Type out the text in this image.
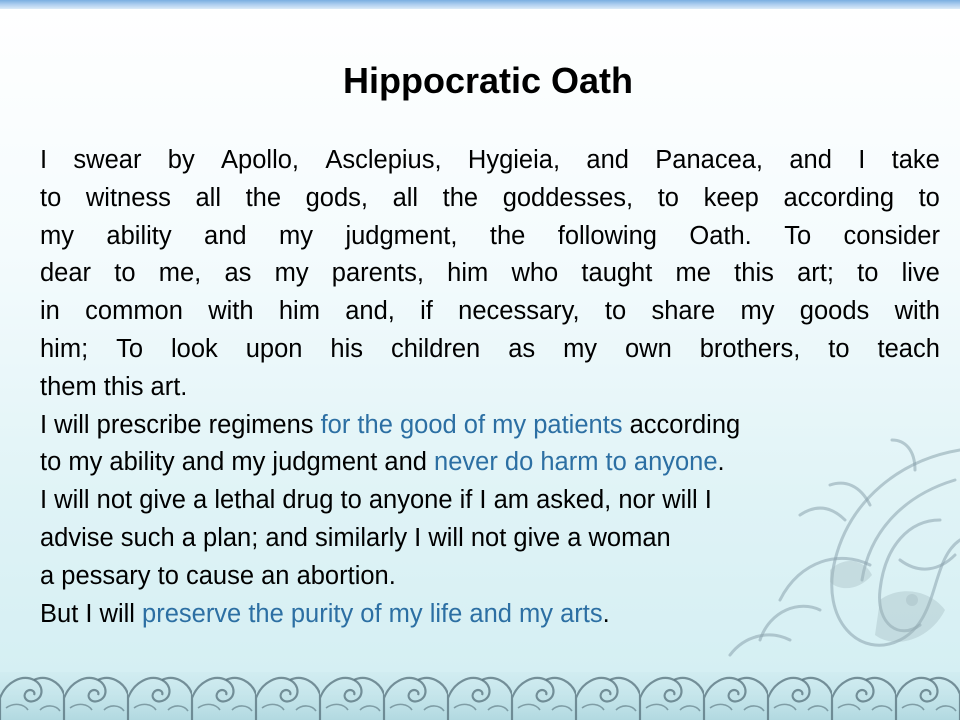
Hippocratic Oath
I swear by Apollo, Asclepius, Hygieia, and Panacea, and I take
to witness all the gods, all the goddesses, to keep according to
my ability and my judgment, the following Oath. To consider
dear to me, as my parents, him who taught me this art; to live
in common with him and, if necessary, to share my goods with
him; To look upon his children as my own brothers, to teach
them this art.
I will prescribe regimens for the good of my patients according
to my ability and my judgment and never do harm to anyone.
I will not give a lethal drug to anyone if I am asked, nor will I
advise such a plan; and similarly I will not give a woman
a pessary to cause an abortion.
But I will preserve the purity of my life and my arts.
